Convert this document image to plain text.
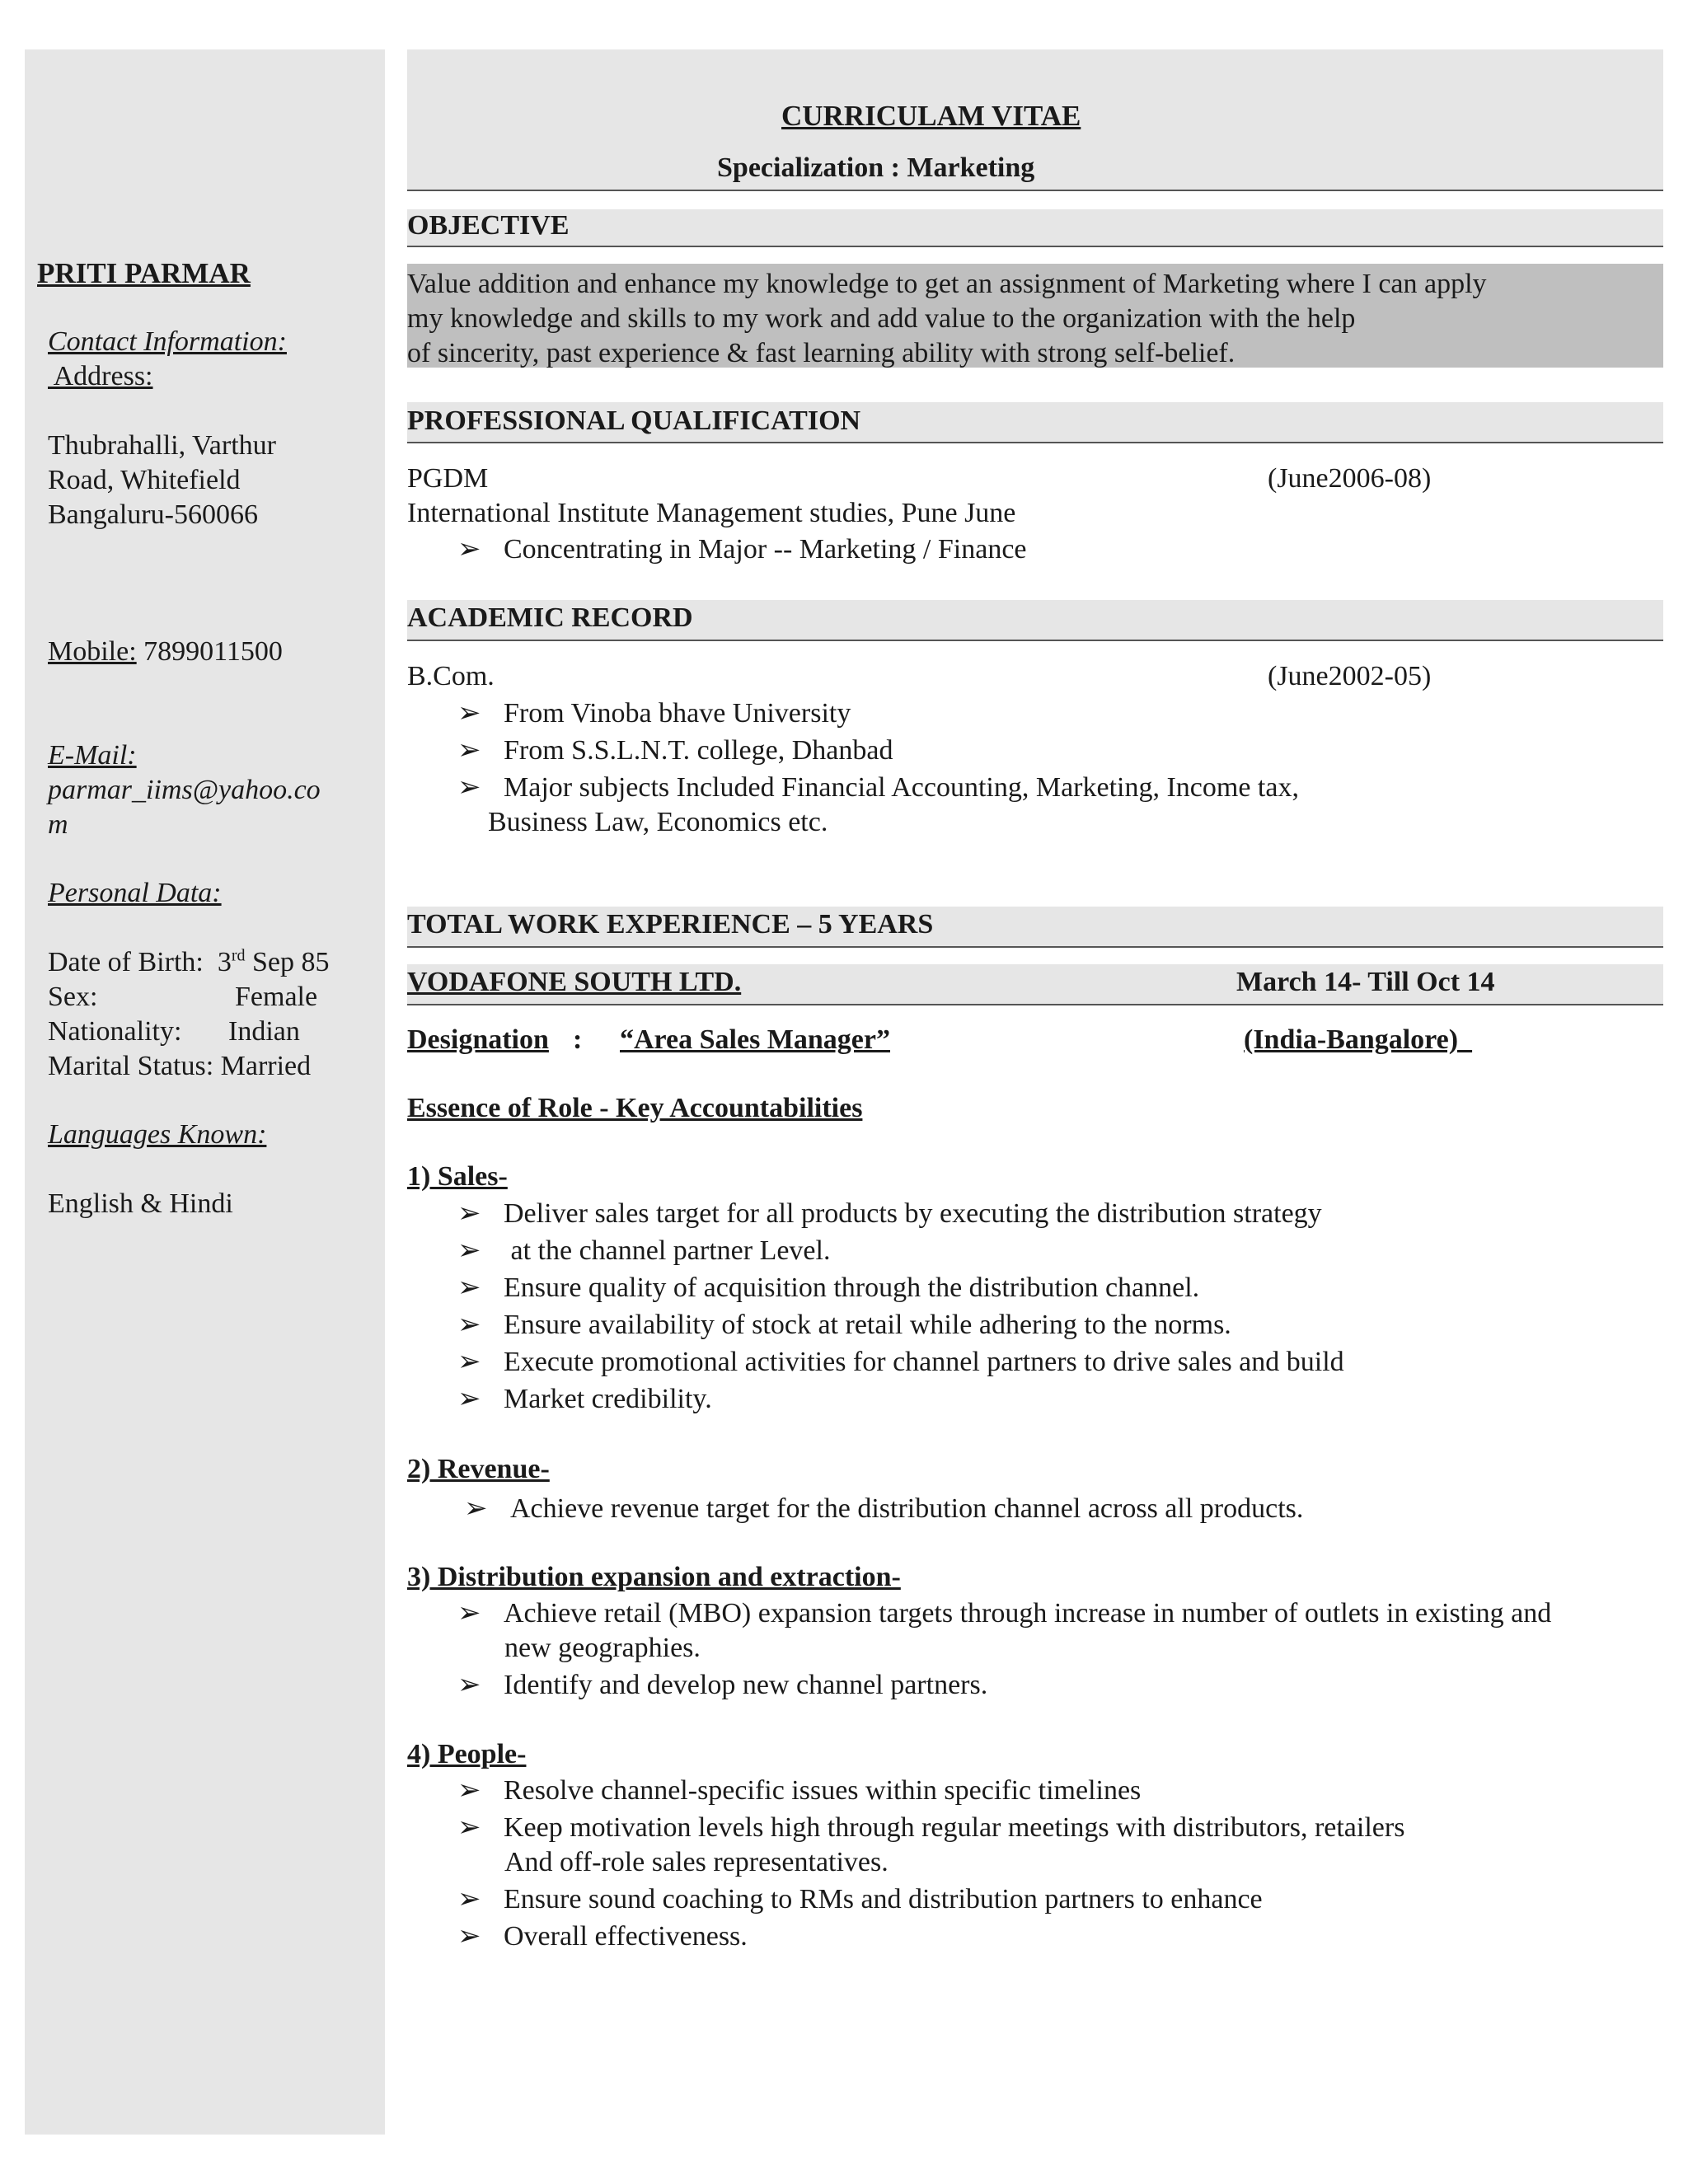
CURRICULAM VITAE
Specialization : Marketing
PRITI PARMAR
Contact Information:
Address:
Thubrahalli, Varthur
Road, Whitefield
Bangaluru-560066
Mobile: 7899011500
E-Mail:
parmar_iims@yahoo.co
m
Personal Data:
Date of Birth:  3rd Sep 85
Sex:	Female
Nationality: Indian
Marital Status: Married
Languages Known:
English & Hindi
OBJECTIVE
Value addition and enhance my knowledge to get an assignment of Marketing where I can apply
my knowledge and skills to my work and add value to the organization with the help
of sincerity, past experience & fast learning ability with strong self-belief.
PROFESSIONAL QUALIFICATION
PGDM	(June2006-08)
International Institute Management studies, Pune June
➢ Concentrating in Major -- Marketing / Finance
ACADEMIC RECORD
B.Com.	(June2002-05)
➢ From Vinoba bhave University
➢ From S.S.L.N.T. college, Dhanbad
➢ Major subjects Included Financial Accounting, Marketing, Income tax,
Business Law, Economics etc.
TOTAL WORK EXPERIENCE – 5 YEARS
VODAFONE SOUTH LTD.	March 14- Till Oct 14
Designation : “Area Sales Manager”	(India-Bangalore)
Essence of Role - Key Accountabilities
1) Sales-
➢ Deliver sales target for all products by executing the distribution strategy
➢ at the channel partner Level.
➢ Ensure quality of acquisition through the distribution channel.
➢ Ensure availability of stock at retail while adhering to the norms.
➢ Execute promotional activities for channel partners to drive sales and build
➢ Market credibility.
2) Revenue-
➢ Achieve revenue target for the distribution channel across all products.
3) Distribution expansion and extraction-
➢ Achieve retail (MBO) expansion targets through increase in number of outlets in existing and
new geographies.
➢ Identify and develop new channel partners.
4) People-
➢ Resolve channel-specific issues within specific timelines
➢ Keep motivation levels high through regular meetings with distributors, retailers
And off-role sales representatives.
➢ Ensure sound coaching to RMs and distribution partners to enhance
➢ Overall effectiveness.
